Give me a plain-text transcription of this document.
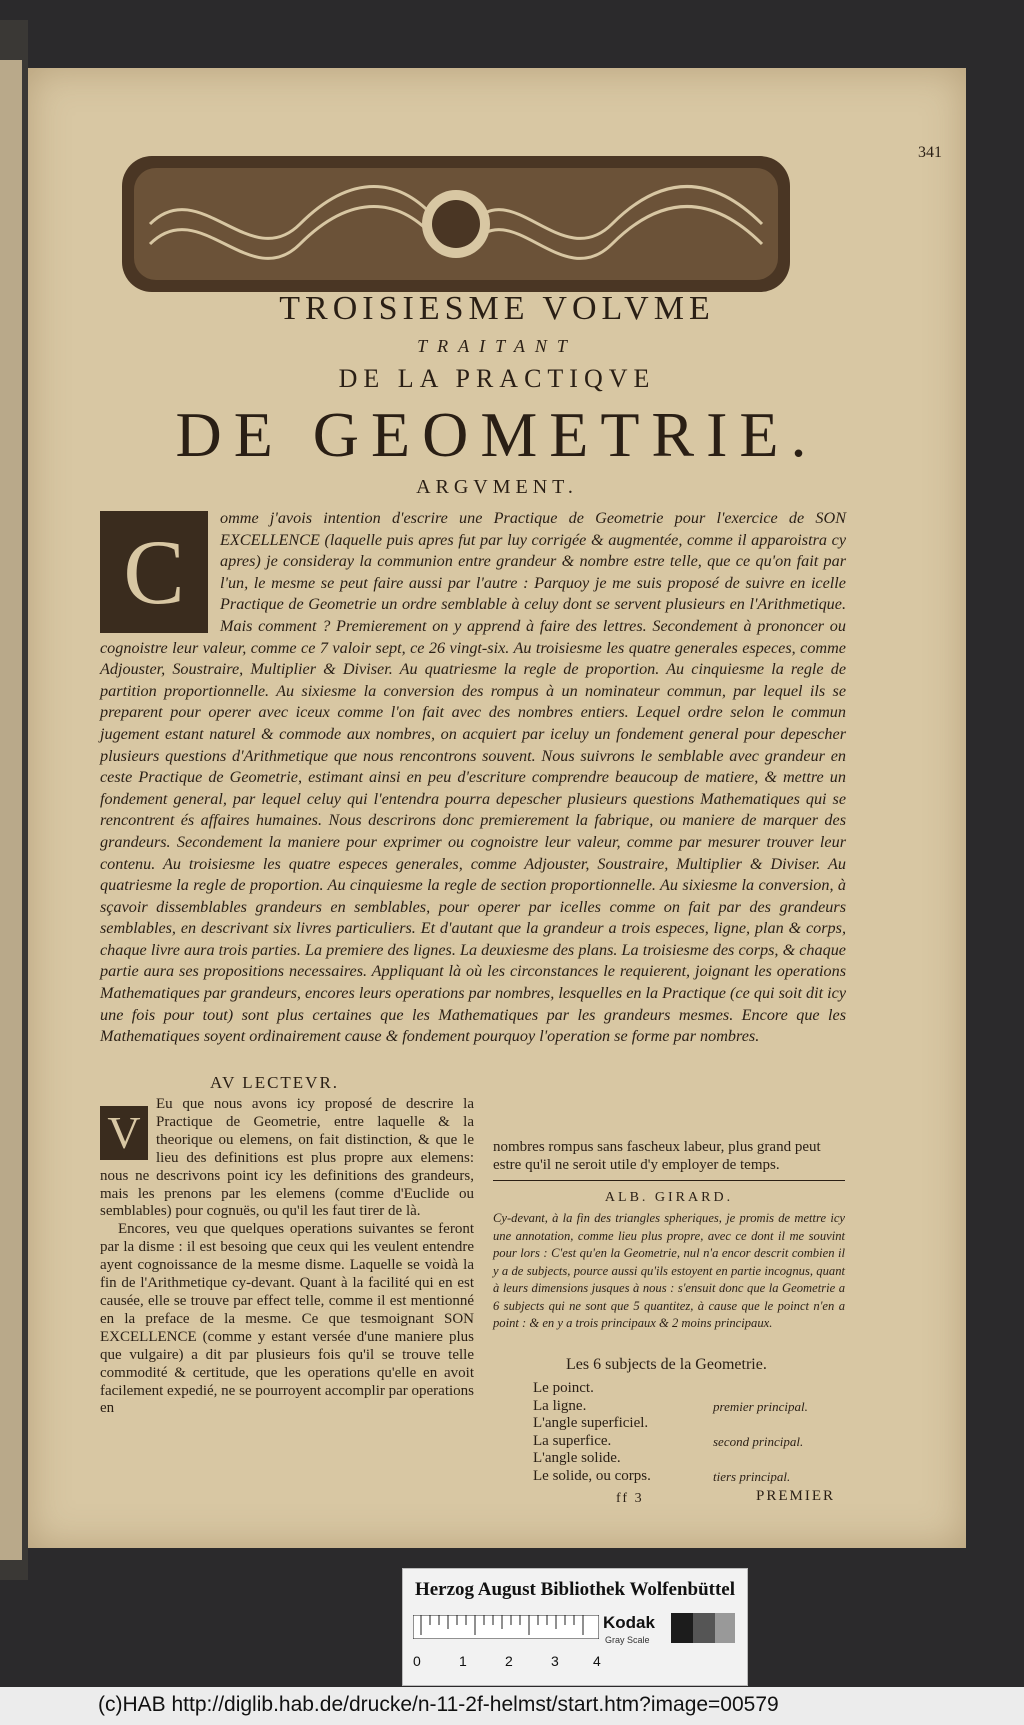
341
TROISIESME VOLVME
TRAITANT
DE LA PRACTIQVE
DE GEOMETRIE.
ARGVMENT.
C
omme j'avois intention d'escrire une Practique de Geometrie pour l'exercice de SON EXCELLENCE (laquelle puis apres fut par luy corrigée & augmentée, comme il apparoistra cy apres) je consideray la communion entre grandeur & nombre estre telle, que ce qu'on fait par l'un, le mesme se peut faire aussi par l'autre : Parquoy je me suis proposé de suivre en icelle Practique de Geometrie un ordre semblable à celuy dont se servent plusieurs en l'Arithmetique. Mais comment ? Premierement on y apprend à faire des lettres. Secondement à prononcer ou cognoistre leur valeur, comme ce 7 valoir sept, ce 26 vingt-six. Au troisiesme les quatre generales especes, comme Adjouster, Soustraire, Multiplier & Diviser. Au quatriesme la regle de proportion. Au cinquiesme la regle de partition proportionnelle. Au sixiesme la conversion des rompus à un nominateur commun, par lequel ils se preparent pour operer avec iceux comme l'on fait avec des nombres entiers. Lequel ordre selon le commun jugement estant naturel & commode aux nombres, on acquiert par iceluy un fondement general pour depescher plusieurs questions d'Arithmetique que nous rencontrons souvent. Nous suivrons le semblable avec grandeur en ceste Practique de Geometrie, estimant ainsi en peu d'escriture comprendre beaucoup de matiere, & mettre un fondement general, par lequel celuy qui l'entendra pourra depescher plusieurs questions Mathematiques qui se rencontrent és affaires humaines. Nous descrirons donc premierement la fabrique, ou maniere de marquer des grandeurs. Secondement la maniere pour exprimer ou cognoistre leur valeur, comme par mesurer trouver leur contenu. Au troisiesme les quatre especes generales, comme Adjouster, Soustraire, Multiplier & Diviser. Au quatriesme la regle de proportion. Au cinquiesme la regle de section proportionnelle. Au sixiesme la conversion, à sçavoir dissemblables grandeurs en semblables, pour operer par icelles comme on fait par des grandeurs semblables, en descrivant six livres particuliers. Et d'autant que la grandeur a trois especes, ligne, plan & corps, chaque livre aura trois parties. La premiere des lignes. La deuxiesme des plans. La troisiesme des corps, & chaque partie aura ses propositions necessaires. Appliquant là où les circonstances le requierent, joignant les operations Mathematiques par grandeurs, encores leurs operations par nombres, lesquelles en la Practique (ce qui soit dit icy une fois pour tout) sont plus certaines que les Mathematiques par les grandeurs mesmes. Encore que les Mathematiques soyent ordinairement cause & fondement pourquoy l'operation se forme par nombres.
AV LECTEVR.
V

Eu que nous avons icy proposé de descrire la Practique de Geometrie, entre laquelle & la theorique ou elemens, on fait distinction, & que le lieu des definitions est plus propre aux elemens: nous ne descrivons point icy les definitions des grandeurs, mais les prenons par les elemens (comme d'Euclide ou semblables) pour cognuës, ou qu'il les faut tirer de là.

Encores, veu que quelques operations suivantes se feront par la disme : il est besoing que ceux qui les veulent entendre ayent cognoissance de la mesme disme. Laquelle se voidà la fin de l'Arithmetique cy-devant. Quant à la facilité qui en est causée, elle se trouve par effect telle, comme il est mentionné en la preface de la mesme. Ce que tesmoignant SON EXCELLENCE (comme y estant versée d'une maniere plus que vulgaire) a dit par plusieurs fois qu'il se trouve telle commodité & certitude, que les operations qu'elle en avoit facilement expedié, ne se pourroyent accomplir par operations en

nombres rompus sans fascheux labeur, plus grand peut estre qu'il ne seroit utile d'y employer de temps.
ALB. GIRARD.
Cy-devant, à la fin des triangles spheriques, je promis de mettre icy une annotation, comme lieu plus propre, avec ce dont il me souvint pour lors : C'est qu'en la Geometrie, nul n'a encor descrit combien il y a de subjects, pource aussi qu'ils estoyent en partie incognus, quant à leurs dimensions jusques à nous : s'ensuit donc que la Geometrie a 6 subjects qui ne sont que 5 quantitez, à cause que le poinct n'en a point : & en y a trois principaux & 2 moins principaux.
Les 6 subjects de la Geometrie.
Le poinct.
La ligne.	premier principal.
L'angle superficiel.
La superfice.	second principal.
L'angle solide.
Le solide, ou corps.	tiers principal.
ff 3	PREMIER
Herzog August Bibliothek Wolfenbüttel
0	1	2	3 4
Kodak
Gray Scale
(c)HAB http://diglib.hab.de/drucke/n-11-2f-helmst/start.htm?image=00579
